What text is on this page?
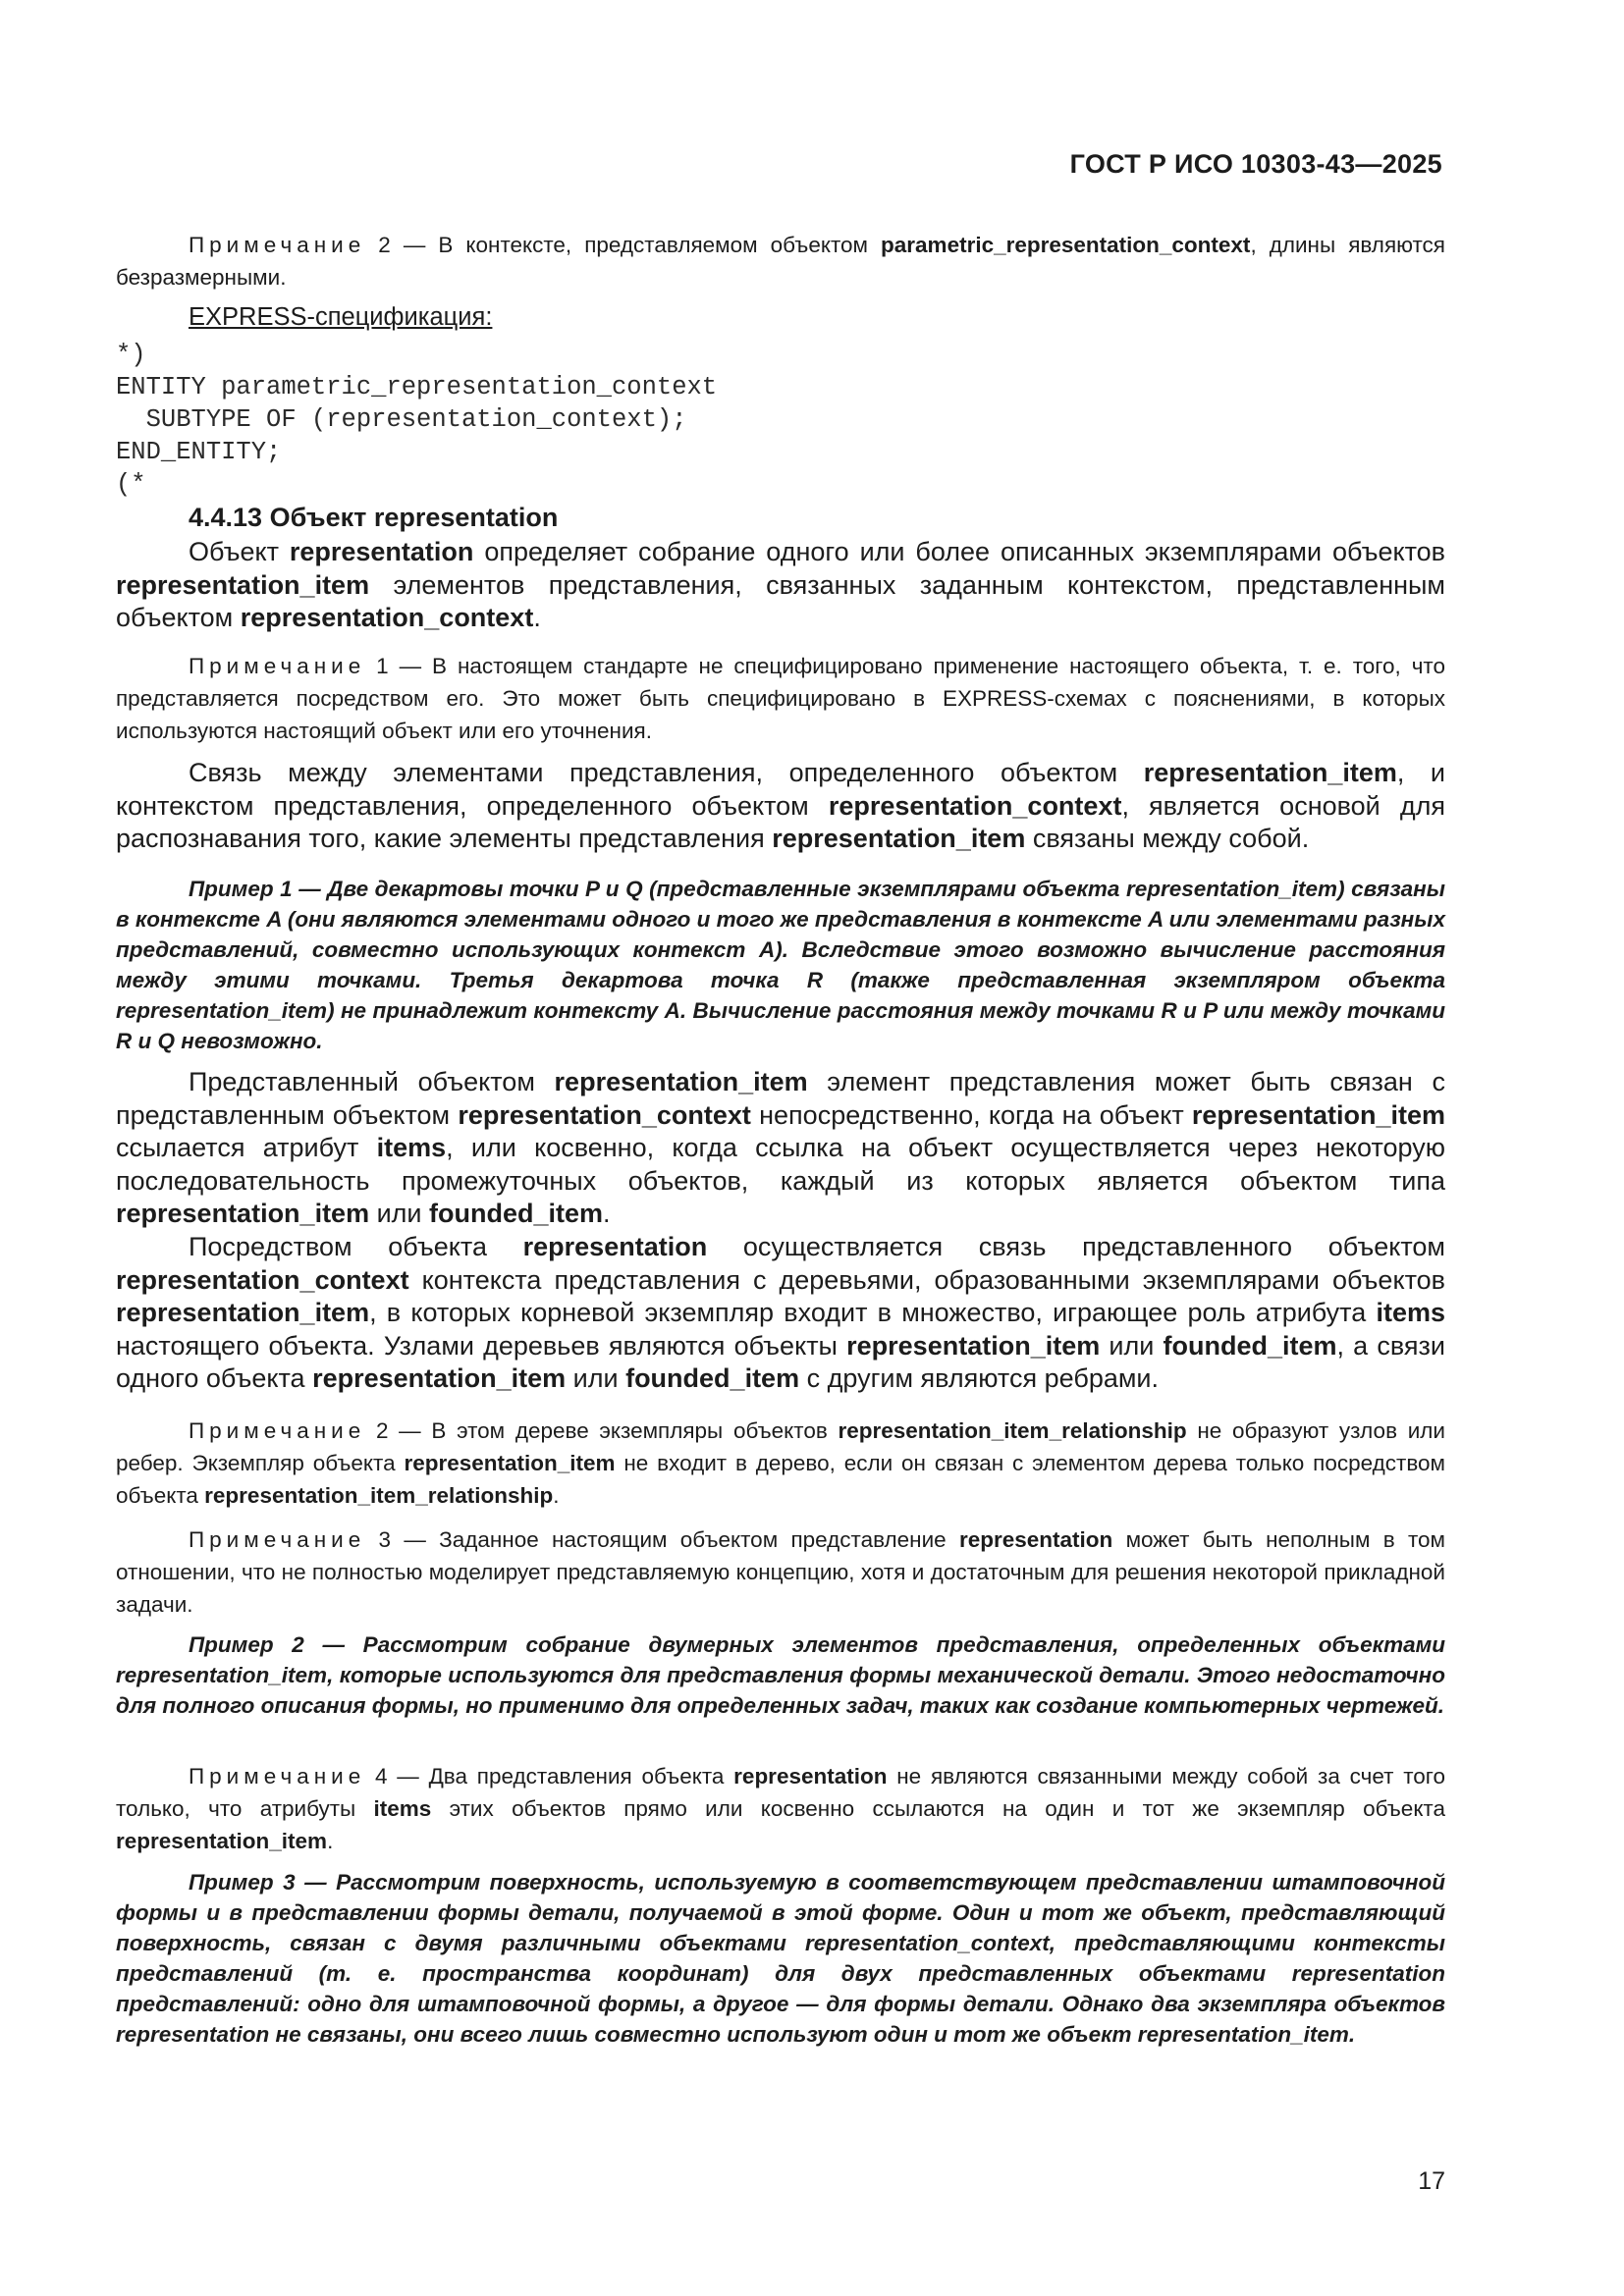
ГОСТ Р ИСО 10303-43—2025

Примечание 2 — В контексте, представляемом объектом parametric_representation_context, длины являются безразмерными.

EXPRESS-спецификация:
*)
ENTITY parametric_representation_context
SUBTYPE OF (representation_context);
END_ENTITY;
(*
4.4.13 Объект representation

Объект representation определяет собрание одного или более описанных экземплярами объектов representation_item элементов представления, связанных заданным контекстом, представленным объектом representation_context.

Примечание 1 — В настоящем стандарте не специфицировано применение настоящего объекта, т. е. того, что представляется посредством его. Это может быть специфицировано в EXPRESS-схемах с пояснениями, в которых используются настоящий объект или его уточнения.

Связь между элементами представления, определенного объектом representation_item, и контекстом представления, определенного объектом representation_context, является основой для распознавания того, какие элементы представления representation_item связаны между собой.

Пример 1 — Две декартовы точки P и Q (представленные экземплярами объекта representation_item) связаны в контексте A (они являются элементами одного и того же представления в контексте A или элементами разных представлений, совместно использующих контекст A). Вследствие этого возможно вычисление расстояния между этими точками. Третья декартова точка R (также представленная экземпляром объекта representation_item) не принадлежит контексту A. Вычисление расстояния между точками R и P или между точками R и Q невозможно.

Представленный объектом representation_item элемент представления может быть связан с представленным объектом representation_context непосредственно, когда на объект representation_item ссылается атрибут items, или косвенно, когда ссылка на объект осуществляется через некоторую последовательность промежуточных объектов, каждый из которых является объектом типа representation_item или founded_item.

Посредством объекта representation осуществляется связь представленного объектом representation_context контекста представления с деревьями, образованными экземплярами объектов representation_item, в которых корневой экземпляр входит в множество, играющее роль атрибута items настоящего объекта. Узлами деревьев являются объекты representation_item или founded_item, а связи одного объекта representation_item или founded_item с другим являются ребрами.

Примечание 2 — В этом дереве экземпляры объектов representation_item_relationship не образуют узлов или ребер. Экземпляр объекта representation_item не входит в дерево, если он связан с элементом дерева только посредством объекта representation_item_relationship.

Примечание 3 — Заданное настоящим объектом представление representation может быть неполным в том отношении, что не полностью моделирует представляемую концепцию, хотя и достаточным для решения некоторой прикладной задачи.

Пример 2 — Рассмотрим собрание двумерных элементов представления, определенных объектами representation_item, которые используются для представления формы механической детали. Этого недостаточно для полного описания формы, но применимо для определенных задач, таких как создание компьютерных чертежей.

Примечание 4 — Два представления объекта representation не являются связанными между собой за счет того только, что атрибуты items этих объектов прямо или косвенно ссылаются на один и тот же экземпляр объекта representation_item.

Пример 3 — Рассмотрим поверхность, используемую в соответствующем представлении штамповочной формы и в представлении формы детали, получаемой в этой форме. Один и тот же объект, представляющий поверхность, связан с двумя различными объектами representation_context, представляющими контексты представлений (т. е. пространства координат) для двух представленных объектами representation представлений: одно для штамповочной формы, а другое — для формы детали. Однако два экземпляра объектов representation не связаны, они всего лишь совместно используют один и тот же объект representation_item.

17
